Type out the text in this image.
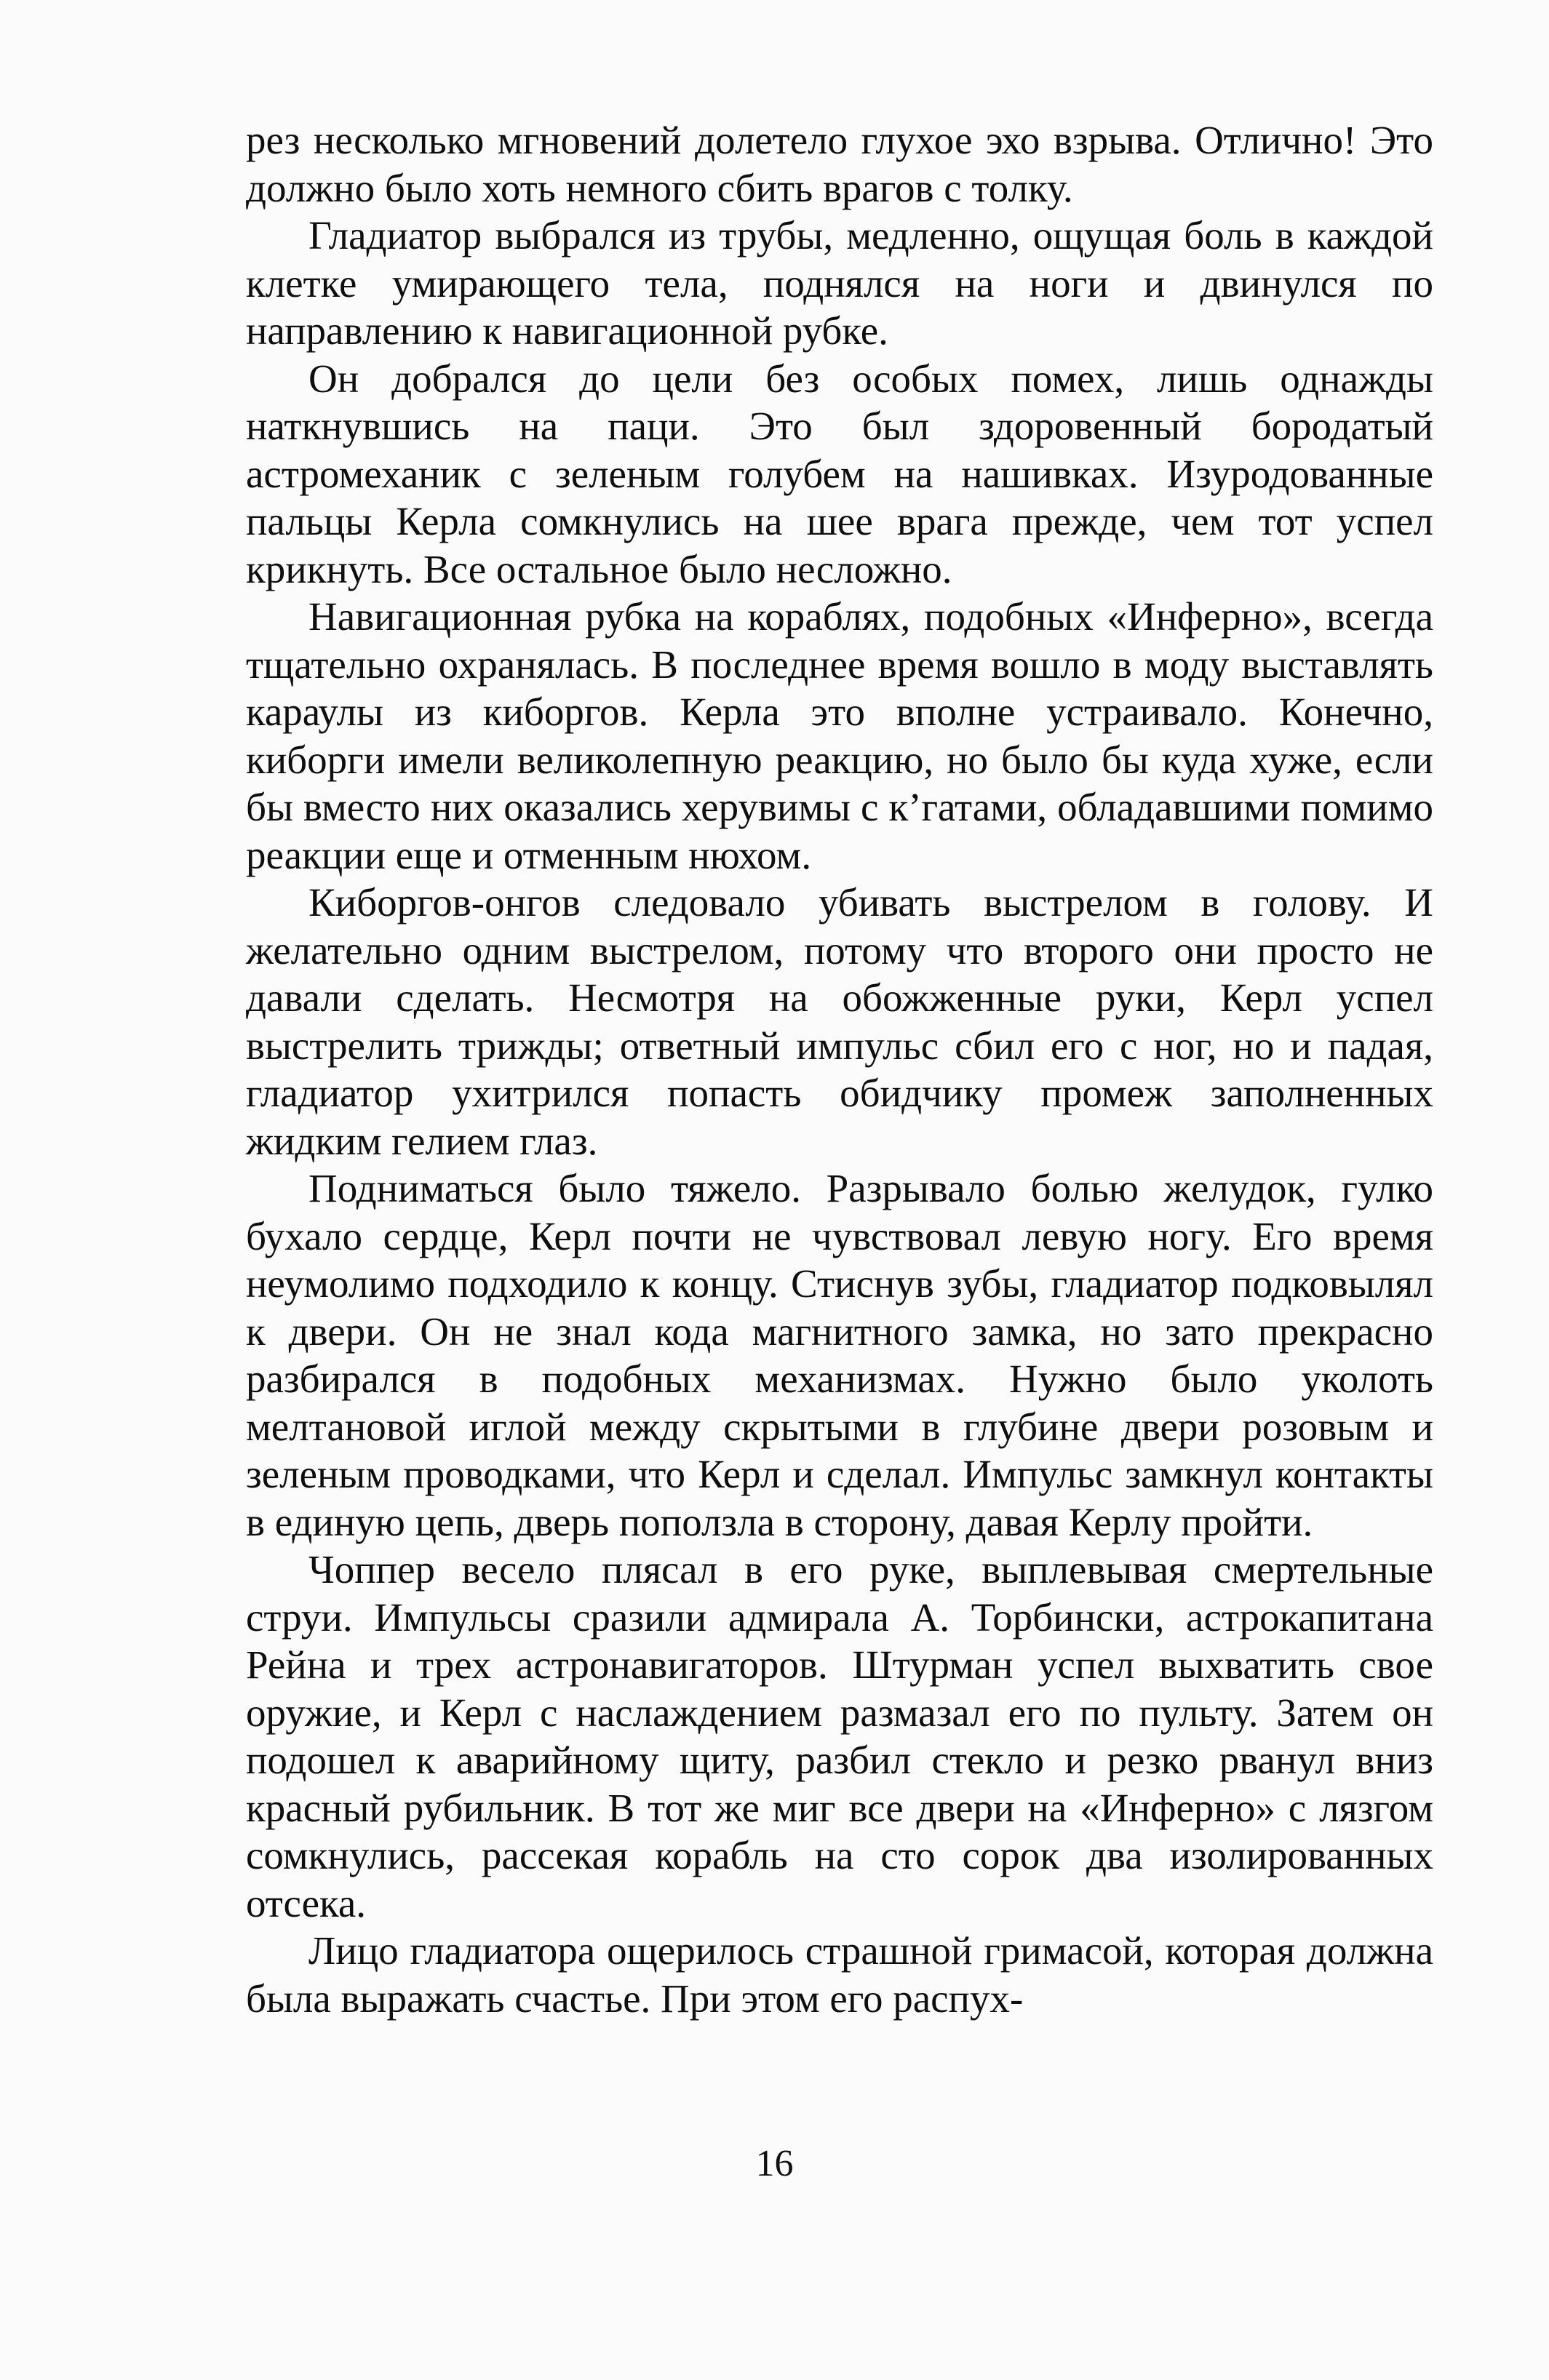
рез несколько мгновений долетело глухое эхо взрыва. Отлично! Это должно было хоть немного сбить врагов с толку.

Гладиатор выбрался из трубы, медленно, ощущая боль в каждой клетке умирающего тела, поднялся на ноги и двинулся по направлению к навигационной рубке.

Он добрался до цели без особых помех, лишь однажды наткнувшись на паци. Это был здоровенный бородатый астромеханик с зеленым голубем на нашивках. Изуродованные пальцы Керла сомкнулись на шее врага прежде, чем тот успел крикнуть. Все остальное было несложно.

Навигационная рубка на кораблях, подобных «Инферно», всегда тщательно охранялась. В последнее время вошло в моду выставлять караулы из киборгов. Керла это вполне устраивало. Конечно, киборги имели великолепную реакцию, но было бы куда хуже, если бы вместо них оказались херувимы с к’гатами, обладавшими помимо реакции еще и отменным нюхом.

Киборгов-онгов следовало убивать выстрелом в голову. И желательно одним выстрелом, потому что второго они просто не давали сделать. Несмотря на обожженные руки, Керл успел выстрелить трижды; ответный импульс сбил его с ног, но и падая, гладиатор ухитрился попасть обидчику промеж заполненных жидким гелием глаз.

Подниматься было тяжело. Разрывало болью желудок, гулко бухало сердце, Керл почти не чувствовал левую ногу. Его время неумолимо подходило к концу. Стиснув зубы, гладиатор подковылял к двери. Он не знал кода магнитного замка, но зато прекрасно разбирался в подобных механизмах. Нужно было уколоть мелтановой иглой между скрытыми в глубине двери розовым и зеленым проводками, что Керл и сделал. Импульс замкнул контакты в единую цепь, дверь поползла в сторону, давая Керлу пройти.

Чоппер весело плясал в его руке, выплевывая смертельные струи. Импульсы сразили адмирала А. Торбински, астрокапитана Рейна и трех астронавигаторов. Штурман успел выхватить свое оружие, и Керл с наслаждением размазал его по пульту. Затем он подошел к аварийному щиту, разбил стекло и резко рванул вниз красный рубильник. В тот же миг все двери на «Инферно» с лязгом сомкнулись, рассекая корабль на сто сорок два изолированных отсека.

Лицо гладиатора ощерилось страшной гримасой, которая должна была выражать счастье. При этом его распух-

16
